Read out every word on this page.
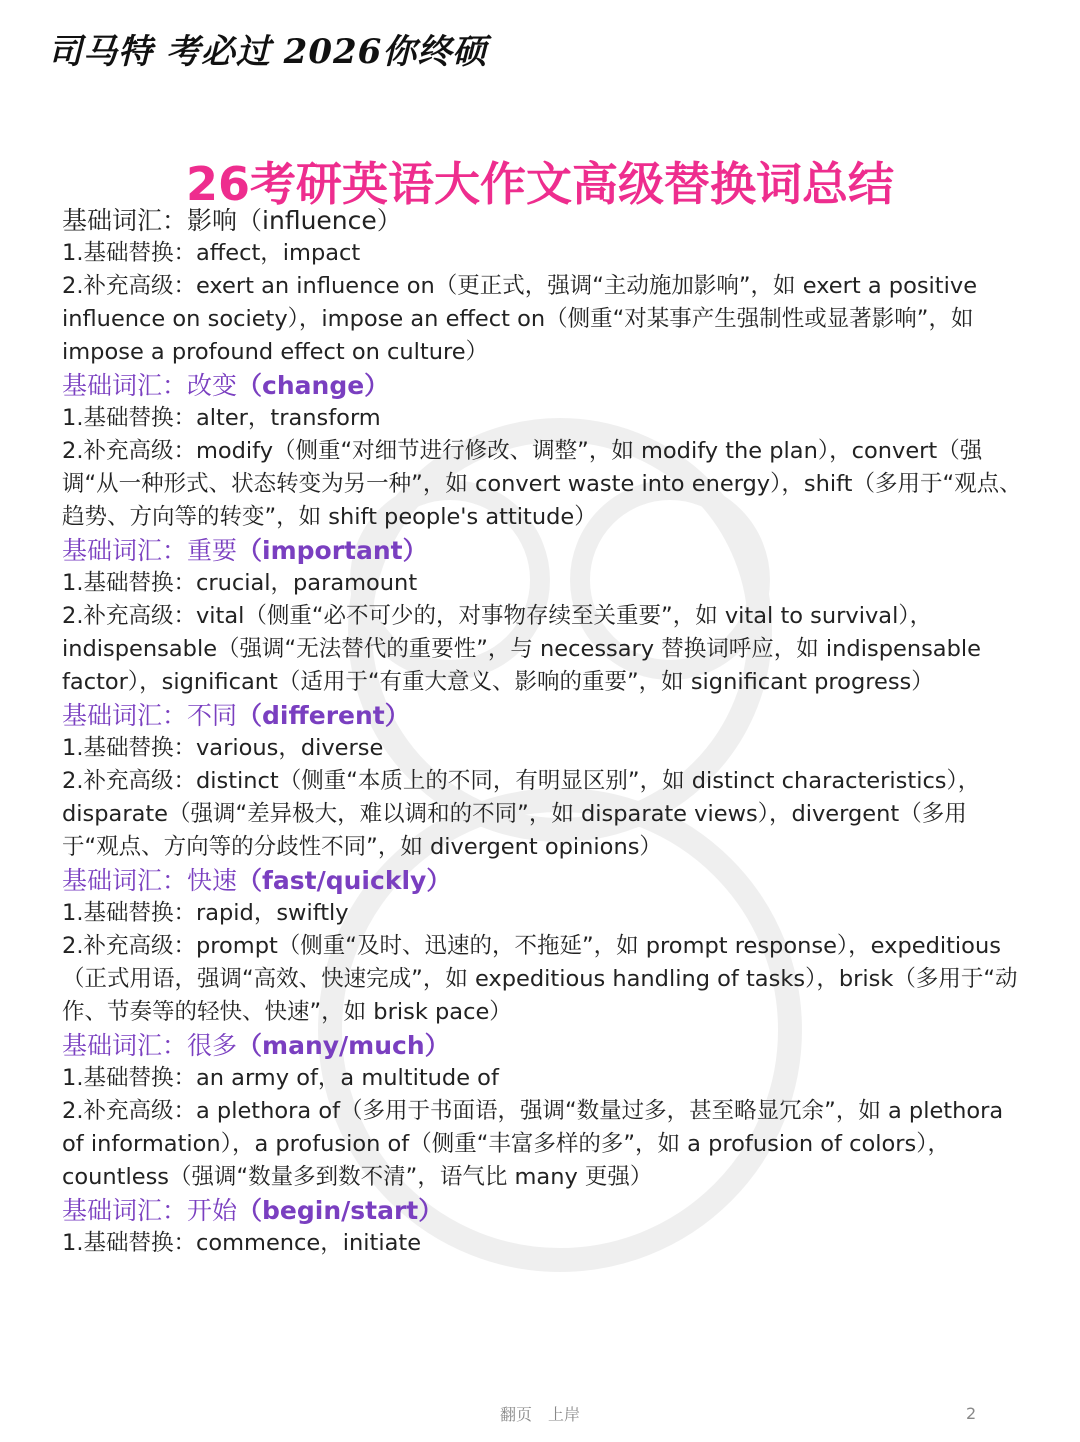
司马特 考必过 2026你终硕
26考研英语大作文高级替换词总结
基础词汇：影响（influence）
1.基础替换：affect，impact
2.补充高级：exert an influence on（更正式，强调“主动施加影响”，如 exert a positive influence on society），impose an effect on（侧重“对某事产生强制性或显著影响”，如 impose a profound effect on culture）
基础词汇：改变（change）
1.基础替换：alter，transform
2.补充高级：modify（侧重“对细节进行修改、调整”，如 modify the plan），convert（强调“从一种形式、状态转变为另一种”，如 convert waste into energy），shift（多用于“观点、趋势、方向等的转变”，如 shift people's attitude）
基础词汇：重要（important）
1.基础替换：crucial，paramount
2.补充高级：vital（侧重“必不可少的，对事物存续至关重要”，如 vital to survival），indispensable（强调“无法替代的重要性”，与 necessary 替换词呼应，如 indispensable factor），significant（适用于“有重大意义、影响的重要”，如 significant progress）
基础词汇：不同（different）
1.基础替换：various，diverse
2.补充高级：distinct（侧重“本质上的不同，有明显区别”，如 distinct characteristics），disparate（强调“差异极大，难以调和的不同”，如 disparate views），divergent（多用于“观点、方向等的分歧性不同”，如 divergent opinions）
基础词汇：快速（fast/quickly）
1.基础替换：rapid，swiftly
2.补充高级：prompt（侧重“及时、迅速的，不拖延”，如 prompt response），expeditious（正式用语，强调“高效、快速完成”，如 expeditious handling of tasks），brisk（多用于“动作、节奏等的轻快、快速”，如 brisk pace）
基础词汇：很多（many/much）
1.基础替换：an army of，a multitude of
2.补充高级：a plethora of（多用于书面语，强调“数量过多，甚至略显冗余”，如 a plethora of information），a profusion of（侧重“丰富多样的多”，如 a profusion of colors），countless（强调“数量多到数不清”，语气比 many 更强）
基础词汇：开始（begin/start）
1.基础替换：commence，initiate
翻页　上岸	2
